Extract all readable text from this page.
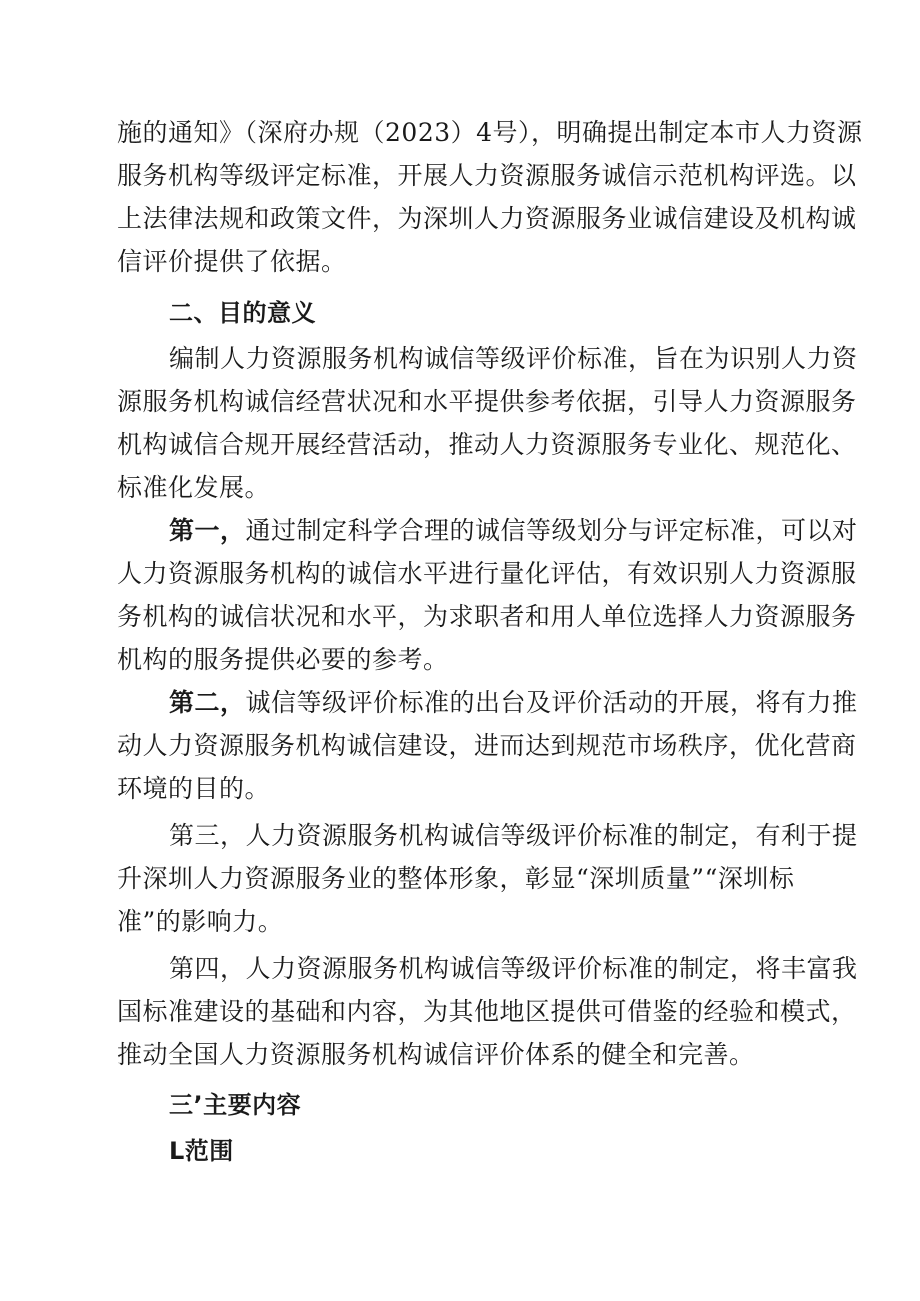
施的通知》（深府办规（2023）4号），明确提出制定本市人力资源
服务机构等级评定标准，开展人力资源服务诚信示范机构评选。以
上法律法规和政策文件，为深圳人力资源服务业诚信建设及机构诚
信评价提供了依据。
二、目的意义
编制人力资源服务机构诚信等级评价标准，旨在为识别人力资
源服务机构诚信经营状况和水平提供参考依据，引导人力资源服务
机构诚信合规开展经营活动，推动人力资源服务专业化、规范化、
标准化发展。
第一，通过制定科学合理的诚信等级划分与评定标准，可以对
人力资源服务机构的诚信水平进行量化评估，有效识别人力资源服
务机构的诚信状况和水平，为求职者和用人单位选择人力资源服务
机构的服务提供必要的参考。
第二，诚信等级评价标准的出台及评价活动的开展，将有力推
动人力资源服务机构诚信建设，进而达到规范市场秩序，优化营商
环境的目的。
第三，人力资源服务机构诚信等级评价标准的制定，有利于提
升深圳人力资源服务业的整体形象，彰显“深圳质量”“深圳标
准”的影响力。
第四，人力资源服务机构诚信等级评价标准的制定，将丰富我
国标准建设的基础和内容，为其他地区提供可借鉴的经验和模式，
推动全国人力资源服务机构诚信评价体系的健全和完善。
三’主要内容
L范围
